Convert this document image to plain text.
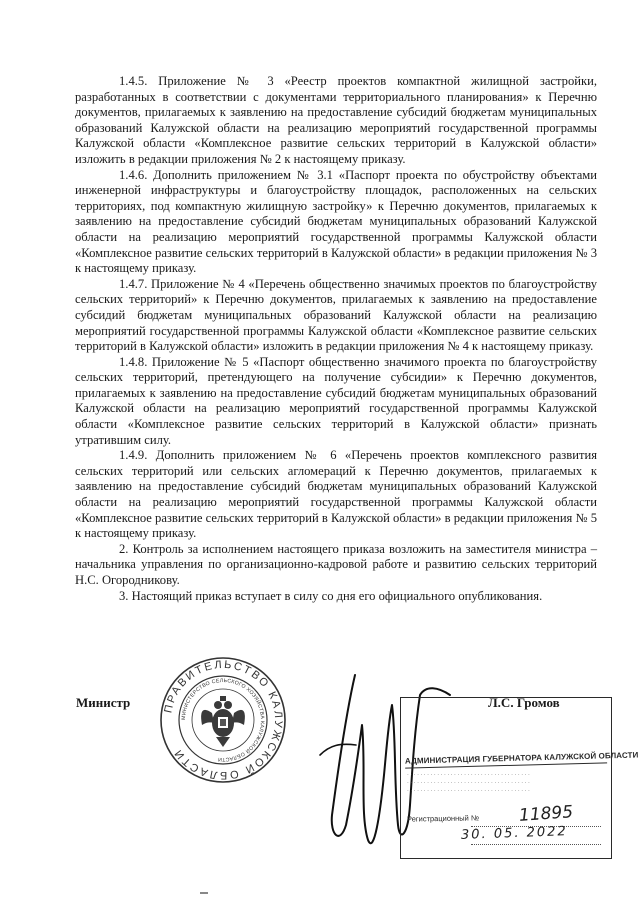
1.4.5. Приложение № 3 «Реестр проектов компактной жилищной застройки, разработанных в соответствии с документами территориального планирования» к Перечню документов, прилагаемых к заявлению на предоставление субсидий бюджетам муниципальных образований Калужской области на реализацию мероприятий государственной программы Калужской области «Комплексное развитие сельских территорий в Калужской области» изложить в редакции приложения № 2 к настоящему приказу.

1.4.6. Дополнить приложением № 3.1 «Паспорт проекта по обустройству объектами инженерной инфраструктуры и благоустройству площадок, расположенных на сельских территориях, под компактную жилищную застройку» к Перечню документов, прилагаемых к заявлению на предоставление субсидий бюджетам муниципальных образований Калужской области на реализацию мероприятий государственной программы Калужской области «Комплексное развитие сельских территорий в Калужской области» в редакции приложения № 3 к настоящему приказу.

1.4.7. Приложение № 4 «Перечень общественно значимых проектов по благоустройству сельских территорий» к Перечню документов, прилагаемых к заявлению на предоставление субсидий бюджетам муниципальных образований Калужской области на реализацию мероприятий государственной программы Калужской области «Комплексное развитие сельских территорий в Калужской области» изложить в редакции приложения № 4 к настоящему приказу.

1.4.8. Приложение № 5 «Паспорт общественно значимого проекта по благоустройству сельских территорий, претендующего на получение субсидии» к Перечню документов, прилагаемых к заявлению на предоставление субсидий бюджетам муниципальных образований Калужской области на реализацию мероприятий государственной программы Калужской области «Комплексное развитие сельских территорий в Калужской области» признать утратившим силу.

1.4.9. Дополнить приложением № 6 «Перечень проектов комплексного развития сельских территорий или сельских агломераций к Перечню документов, прилагаемых к заявлению на предоставление субсидий бюджетам муниципальных образований Калужской области на реализацию мероприятий государственной программы Калужской области «Комплексное развитие сельских территорий в Калужской области» в редакции приложения № 5 к настоящему приказу.

2. Контроль за исполнением настоящего приказа возложить на заместителя министра – начальника управления по организационно-кадровой работе и развитию сельских территорий Н.С. Огородникову.

3. Настоящий приказ вступает в силу со дня его официального опубликования.

Министр	ПРАВИТЕЛЬСТВО КАЛУЖСКОЙ ОБЛАСТИ
МИНИСТЕРСТВО СЕЛЬСКОГО ХОЗЯЙСТВА КАЛУЖСКОЙ ОБЛАСТИ	АДМИНИСТРАЦИЯ ГУБЕРНАТОРА КАЛУЖСКОЙ ОБЛАСТИ
· · · · · · · · · · · · · · · · · · · · · · · · · · · · · · · · · · · · ·
· · · · · · · · · · · · · · · · · · · · · · · · · · · · · · · · · · · · ·
· · · · · · · · · · · · · · · · · · · · · · · · · · · · · · · · · · · · ·
Регистрационный № 11895
30. 05. 2022
Л.С. Громов
